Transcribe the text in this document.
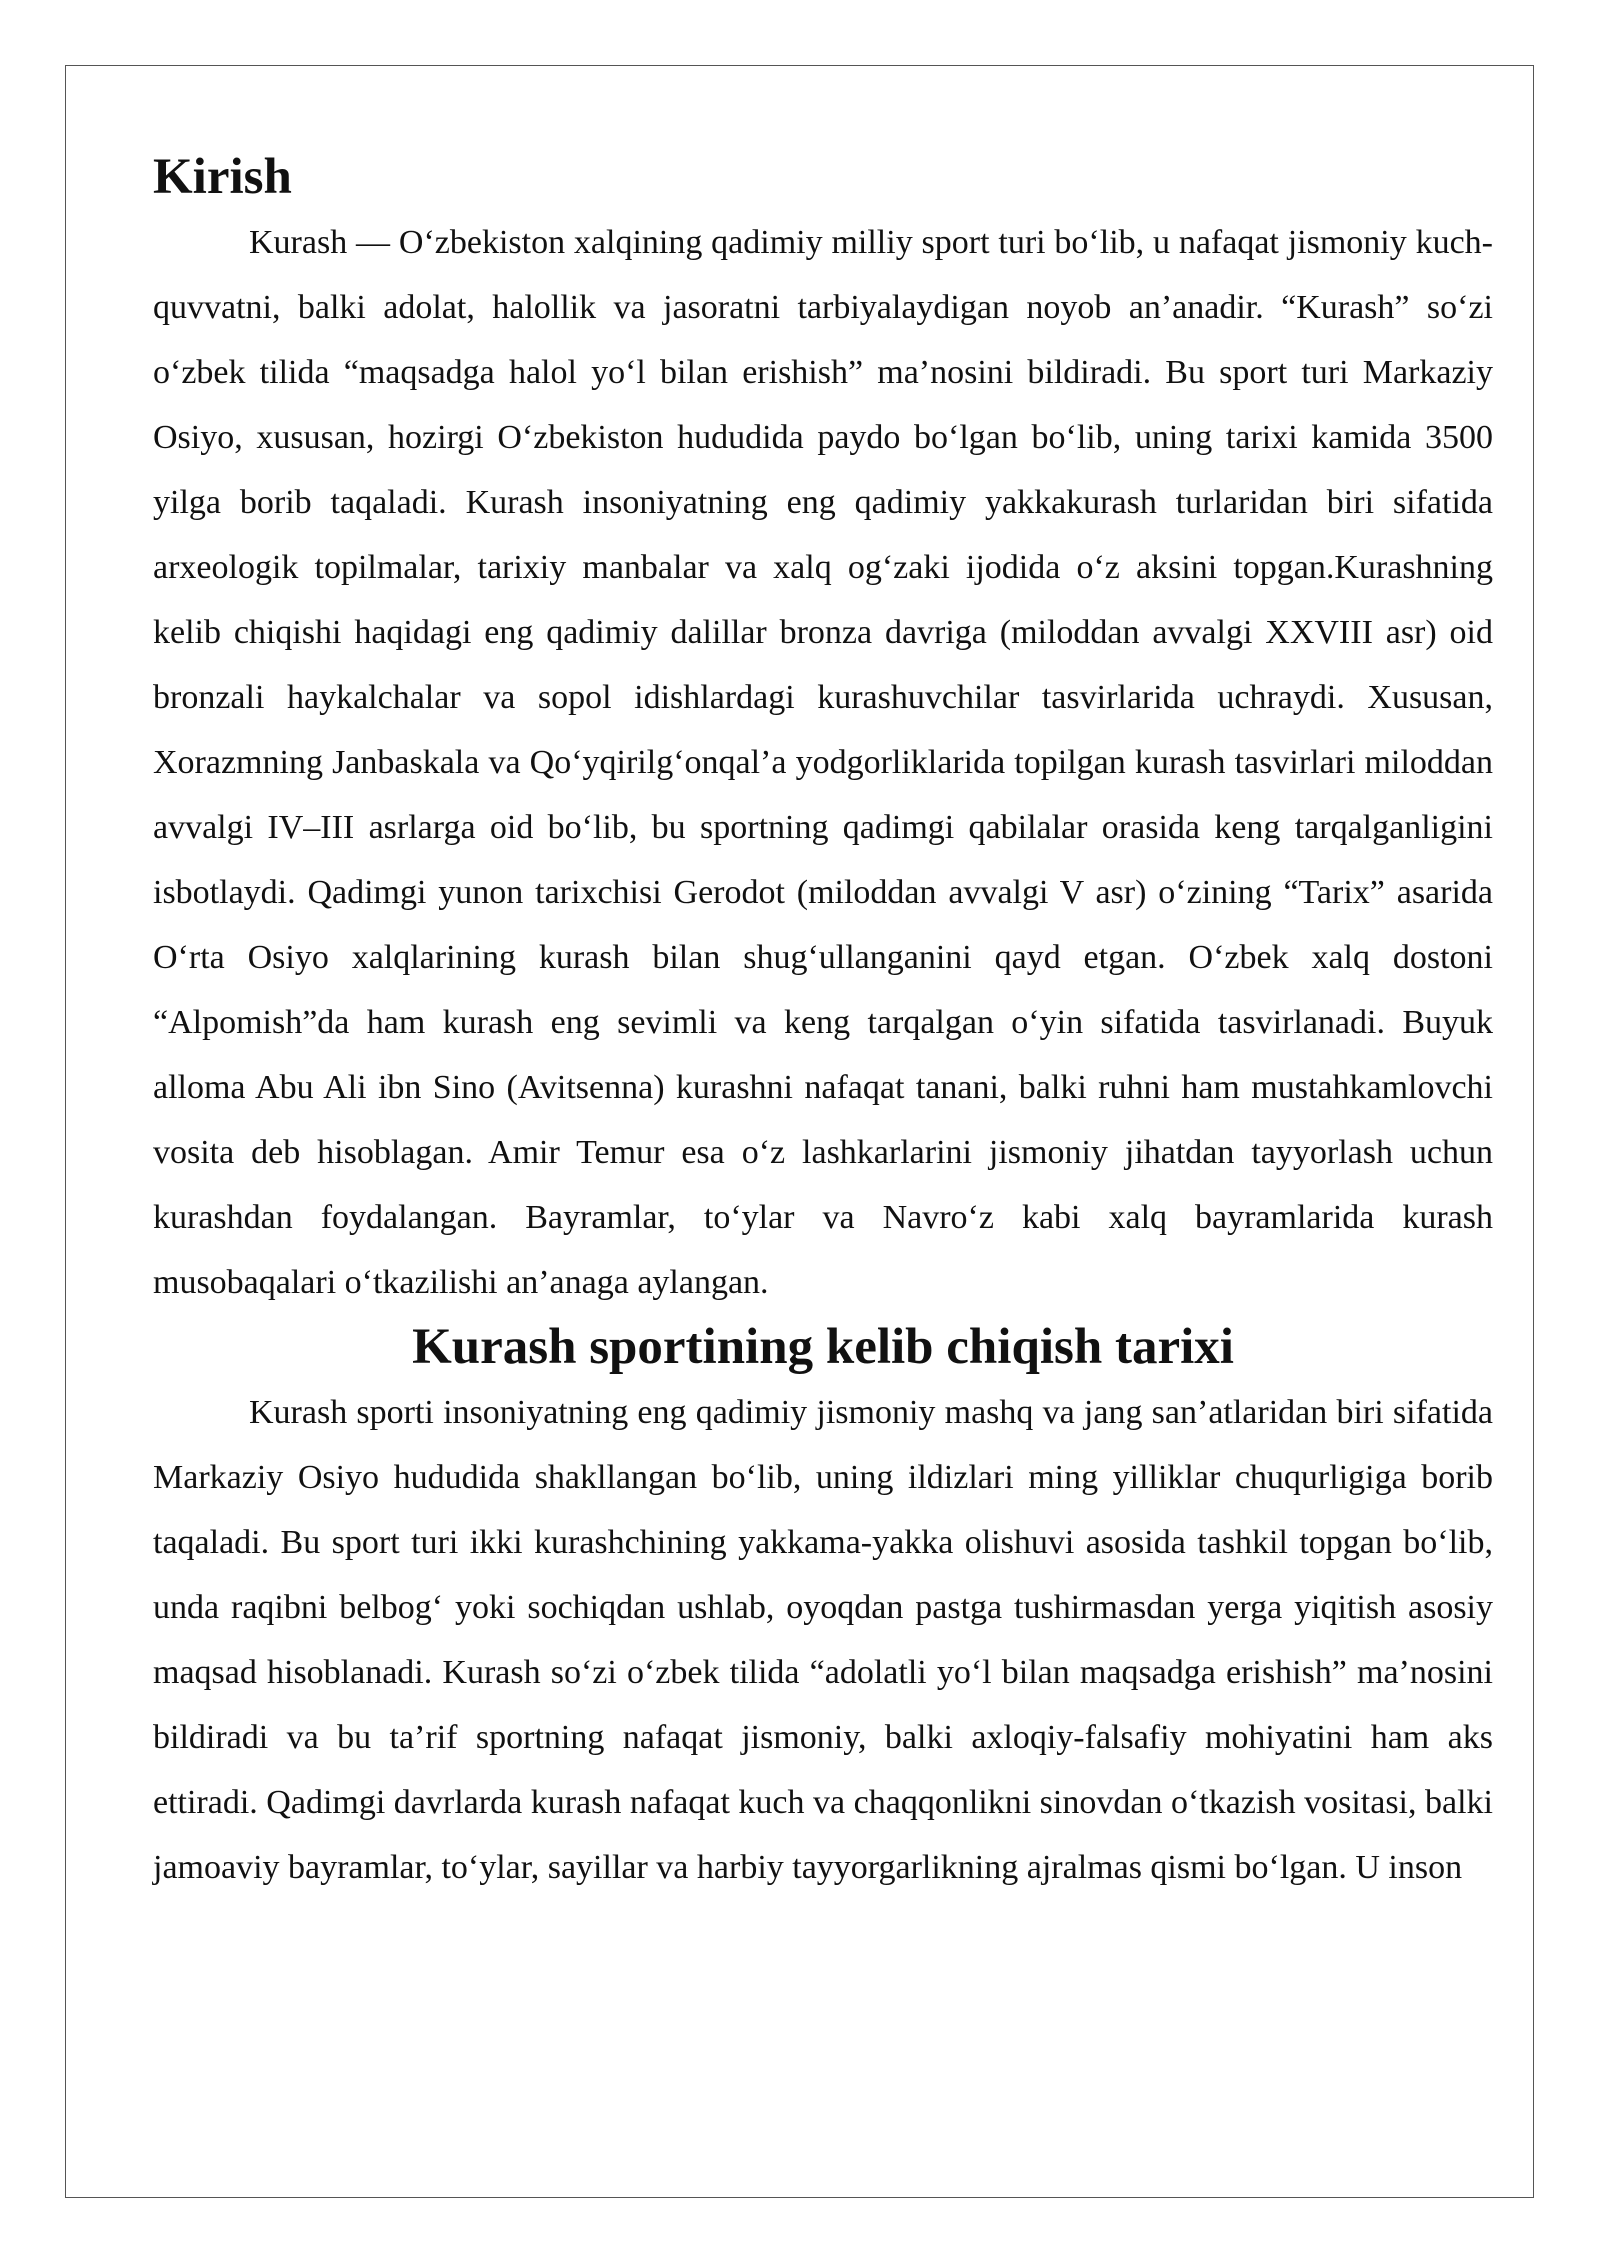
Kirish

Kurash — O‘zbekiston xalqining qadimiy milliy sport turi bo‘lib, u nafaqat jismoniy kuch-quvvatni, balki adolat, halollik va jasoratni tarbiyalaydigan noyob an’anadir. “Kurash” so‘zi o‘zbek tilida “maqsadga halol yo‘l bilan erishish” ma’nosini bildiradi. Bu sport turi Markaziy Osiyo, xususan, hozirgi O‘zbekiston hududida paydo bo‘lgan bo‘lib, uning tarixi kamida 3500 yilga borib taqaladi. Kurash insoniyatning eng qadimiy yakkakurash turlaridan biri sifatida arxeologik topilmalar, tarixiy manbalar va xalq og‘zaki ijodida o‘z aksini topgan.Kurashning kelib chiqishi haqidagi eng qadimiy dalillar bronza davriga (miloddan avvalgi XXVIII asr) oid bronzali haykalchalar va sopol idishlardagi kurashuvchilar tasvirlarida uchraydi. Xususan, Xorazmning Janbaskala va Qo‘yqirilg‘onqal’a yodgorliklarida topilgan kurash tasvirlari miloddan avvalgi IV–III asrlarga oid bo‘lib, bu sportning qadimgi qabilalar orasida keng tarqalganligini isbotlaydi. Qadimgi yunon tarixchisi Gerodot (miloddan avvalgi V asr) o‘zining “Tarix” asarida O‘rta Osiyo xalqlarining kurash bilan shug‘ullanganini qayd etgan. O‘zbek xalq dostoni “Alpomish”da ham kurash eng sevimli va keng tarqalgan o‘yin sifatida tasvirlanadi. Buyuk alloma Abu Ali ibn Sino (Avitsenna) kurashni nafaqat tanani, balki ruhni ham mustahkamlovchi vosita deb hisoblagan. Amir Temur esa o‘z lashkarlarini jismoniy jihatdan tayyorlash uchun kurashdan foydalangan. Bayramlar, to‘ylar va Navro‘z kabi xalq bayramlarida kurash musobaqalari o‘tkazilishi an’anaga aylangan.

Kurash sportining kelib chiqish tarixi

Kurash sporti insoniyatning eng qadimiy jismoniy mashq va jang san’atlaridan biri sifatida Markaziy Osiyo hududida shakllangan bo‘lib, uning ildizlari ming yilliklar chuqurligiga borib taqaladi. Bu sport turi ikki kurashchining yakkama-yakka olishuvi asosida tashkil topgan bo‘lib, unda raqibni belbog‘ yoki sochiqdan ushlab, oyoqdan pastga tushirmasdan yerga yiqitish asosiy maqsad hisoblanadi. Kurash so‘zi o‘zbek tilida “adolatli yo‘l bilan maqsadga erishish” ma’nosini bildiradi va bu ta’rif sportning nafaqat jismoniy, balki axloqiy-falsafiy mohiyatini ham aks ettiradi. Qadimgi davrlarda kurash nafaqat kuch va chaqqonlikni sinovdan o‘tkazish vositasi, balki jamoaviy bayramlar, to‘ylar, sayillar va harbiy tayyorgarlikning ajralmas qismi bo‘lgan. U inson
